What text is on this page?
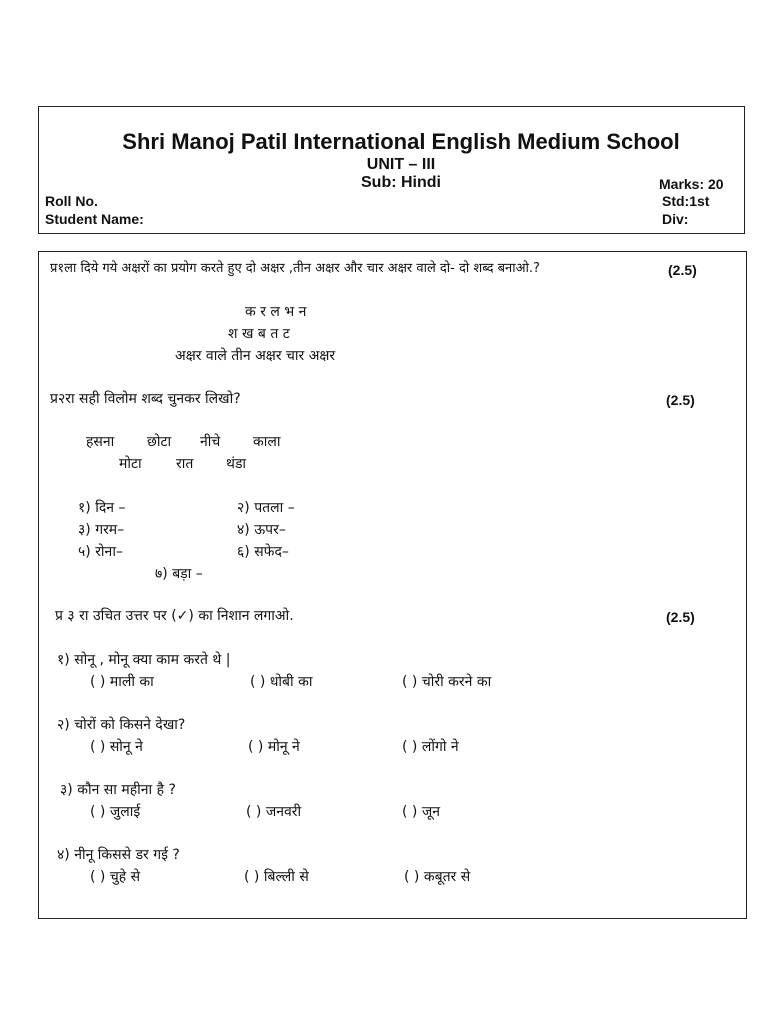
Shri Manoj Patil International English Medium School
UNIT – III
Sub: Hindi	Marks: 20
Roll No.	Std:1st
Student Name:	Div:
प्र१ला दिये गये अक्षरों का प्रयोग करते हुए दो अक्षर ,तीन अक्षर और चार अक्षर वाले दो- दो शब्द बनाओ.?	(2.5)
क र ल भ न
श ख ब त ट
अक्षर वाले तीन अक्षर चार अक्षर
प्र२रा सही विलोम शब्द चुनकर लिखो?	(2.5)
हसना छोटा नीचे काला
मोटा रात थंडा
१) दिन –	२) पतला –
३) गरम–	४) ऊपर–
५) रोना–	६) सफेद–
७) बड़ा –
प्र ३ रा उचित उत्तर पर (✓) का निशान लगाओ.	(2.5)
१) सोनू , मोनू क्या काम करते थे |
( ) माली का	( ) धोबी का	( ) चोरी करने का
२) चोरों को किसने देखा?
( ) सोनू ने	( ) मोनू ने	( ) लोंगो ने
३) कौन सा महीना है ?
( ) जुलाई	( ) जनवरी	( ) जून
४) नीनू किससे डर गई ?
( ) चुहे से	( ) बिल्ली से	( ) कबूतर से
